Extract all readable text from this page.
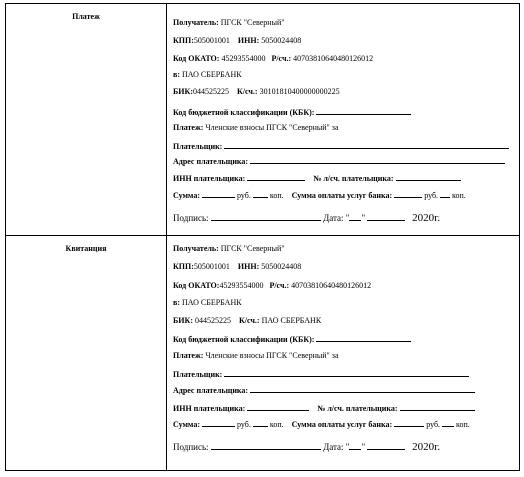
Платеж
Получатель: ПГСК "Северный"
КПП:505001001 ИНН: 5050024408
Код ОКАТО: 45293554000 Р/сч.: 40703810640480126012
в: ПАО СБЕРБАНК
БИК:044525225 К/сч.: 30101810400000000225
Код бюджетной классификации (КБК):
Платеж: Членские взносы ПГСК "Северный" за
Плательщик:
Адрес плательщика:
ИНН плательщика:	№ л/сч. плательщика:
Сумма:	руб. коп. Сумма оплаты услуг банка:	руб. коп.
Подпись:	Дата: " "	2020г.
Квитанция	Получатель: ПГСК "Северный"
КПП:505001001 ИНН: 5050024408
Код ОКАТО:45293554000 Р/сч.: 40703810640480126012
в: ПАО СБЕРБАНК
БИК: 044525225 К/сч.: ПАО СБЕРБАНК
Код бюджетной классификации (КБК):
Платеж: Членские взносы ПГСК "Северный" за
Плательщик:
Адрес плательщика:
ИНН плательщика:	№ л/сч. плательщика:
Сумма:	руб. коп. Сумма оплаты услуг банка:	руб. коп.
Подпись:	Дата: " "	2020г.
